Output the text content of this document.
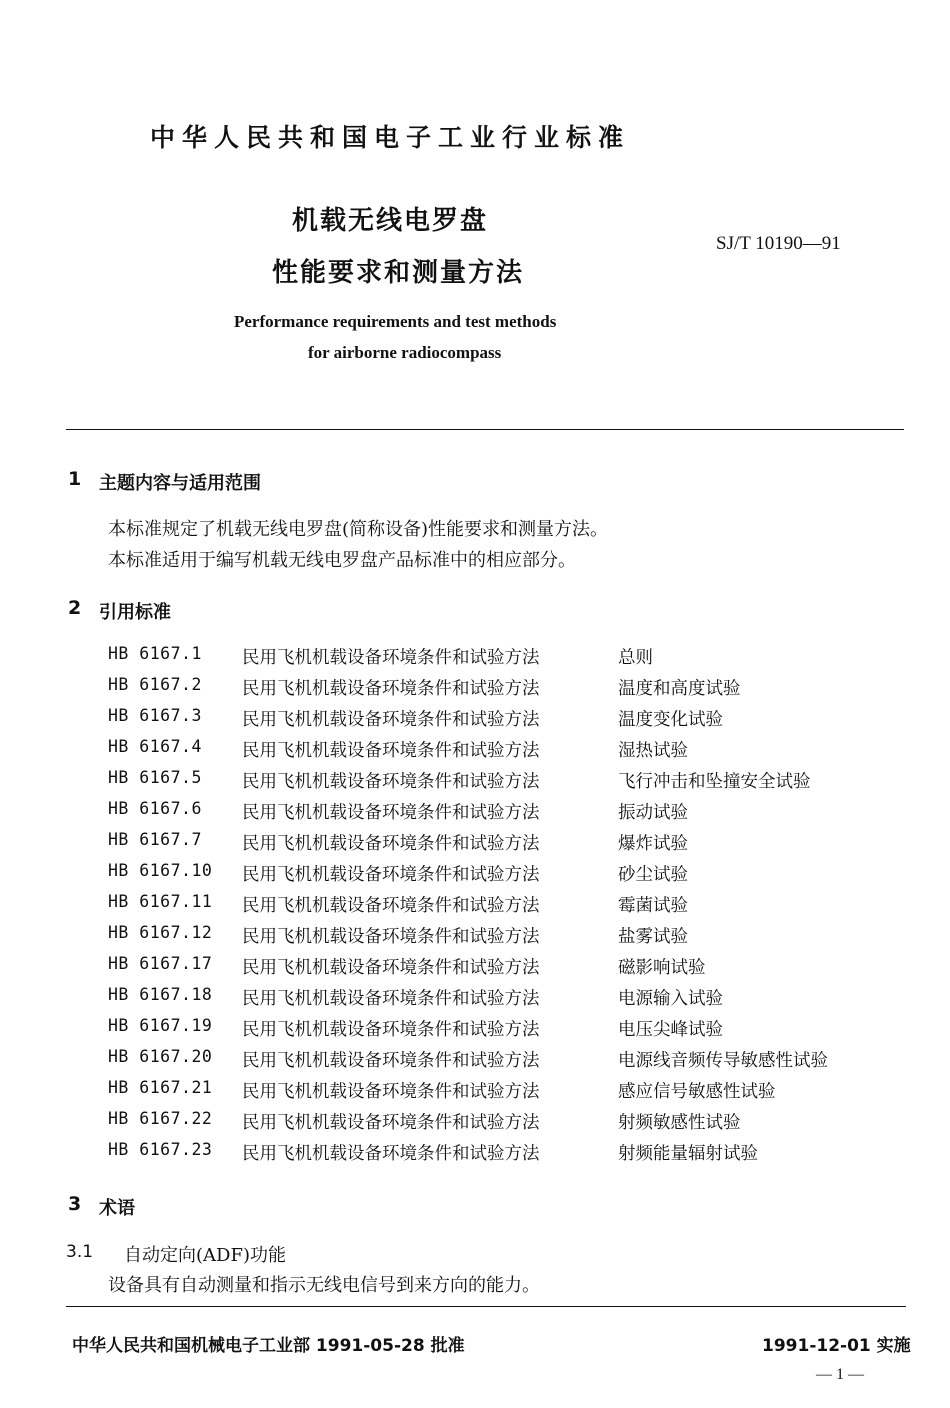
中华人民共和国电子工业行业标准
机载无线电罗盘
性能要求和测量方法
SJ/T 10190—91
Performance requirements and test methods
for airborne radiocompass
1 主题内容与适用范围
本标准规定了机载无线电罗盘(简称设备)性能要求和测量方法。
本标准适用于编写机载无线电罗盘产品标准中的相应部分。
2 引用标准
HB 6167.1 民用飞机机载设备环境条件和试验方法	总则
HB 6167.2 民用飞机机载设备环境条件和试验方法	温度和高度试验
HB 6167.3 民用飞机机载设备环境条件和试验方法	温度变化试验
HB 6167.4 民用飞机机载设备环境条件和试验方法	湿热试验
HB 6167.5 民用飞机机载设备环境条件和试验方法	飞行冲击和坠撞安全试验
HB 6167.6 民用飞机机载设备环境条件和试验方法	振动试验
HB 6167.7 民用飞机机载设备环境条件和试验方法	爆炸试验
HB 6167.10 民用飞机机载设备环境条件和试验方法	砂尘试验
HB 6167.11 民用飞机机载设备环境条件和试验方法	霉菌试验
HB 6167.12 民用飞机机载设备环境条件和试验方法	盐雾试验
HB 6167.17 民用飞机机载设备环境条件和试验方法	磁影响试验
HB 6167.18 民用飞机机载设备环境条件和试验方法	电源输入试验
HB 6167.19 民用飞机机载设备环境条件和试验方法	电压尖峰试验
HB 6167.20 民用飞机机载设备环境条件和试验方法	电源线音频传导敏感性试验
HB 6167.21 民用飞机机载设备环境条件和试验方法	感应信号敏感性试验
HB 6167.22 民用飞机机载设备环境条件和试验方法	射频敏感性试验
HB 6167.23 民用飞机机载设备环境条件和试验方法	射频能量辐射试验
3 术语
3.1 自动定向(ADF)功能
设备具有自动测量和指示无线电信号到来方向的能力。
中华人民共和国机械电子工业部 1991-05-28 批准	1991-12-01 实施
— 1 —
